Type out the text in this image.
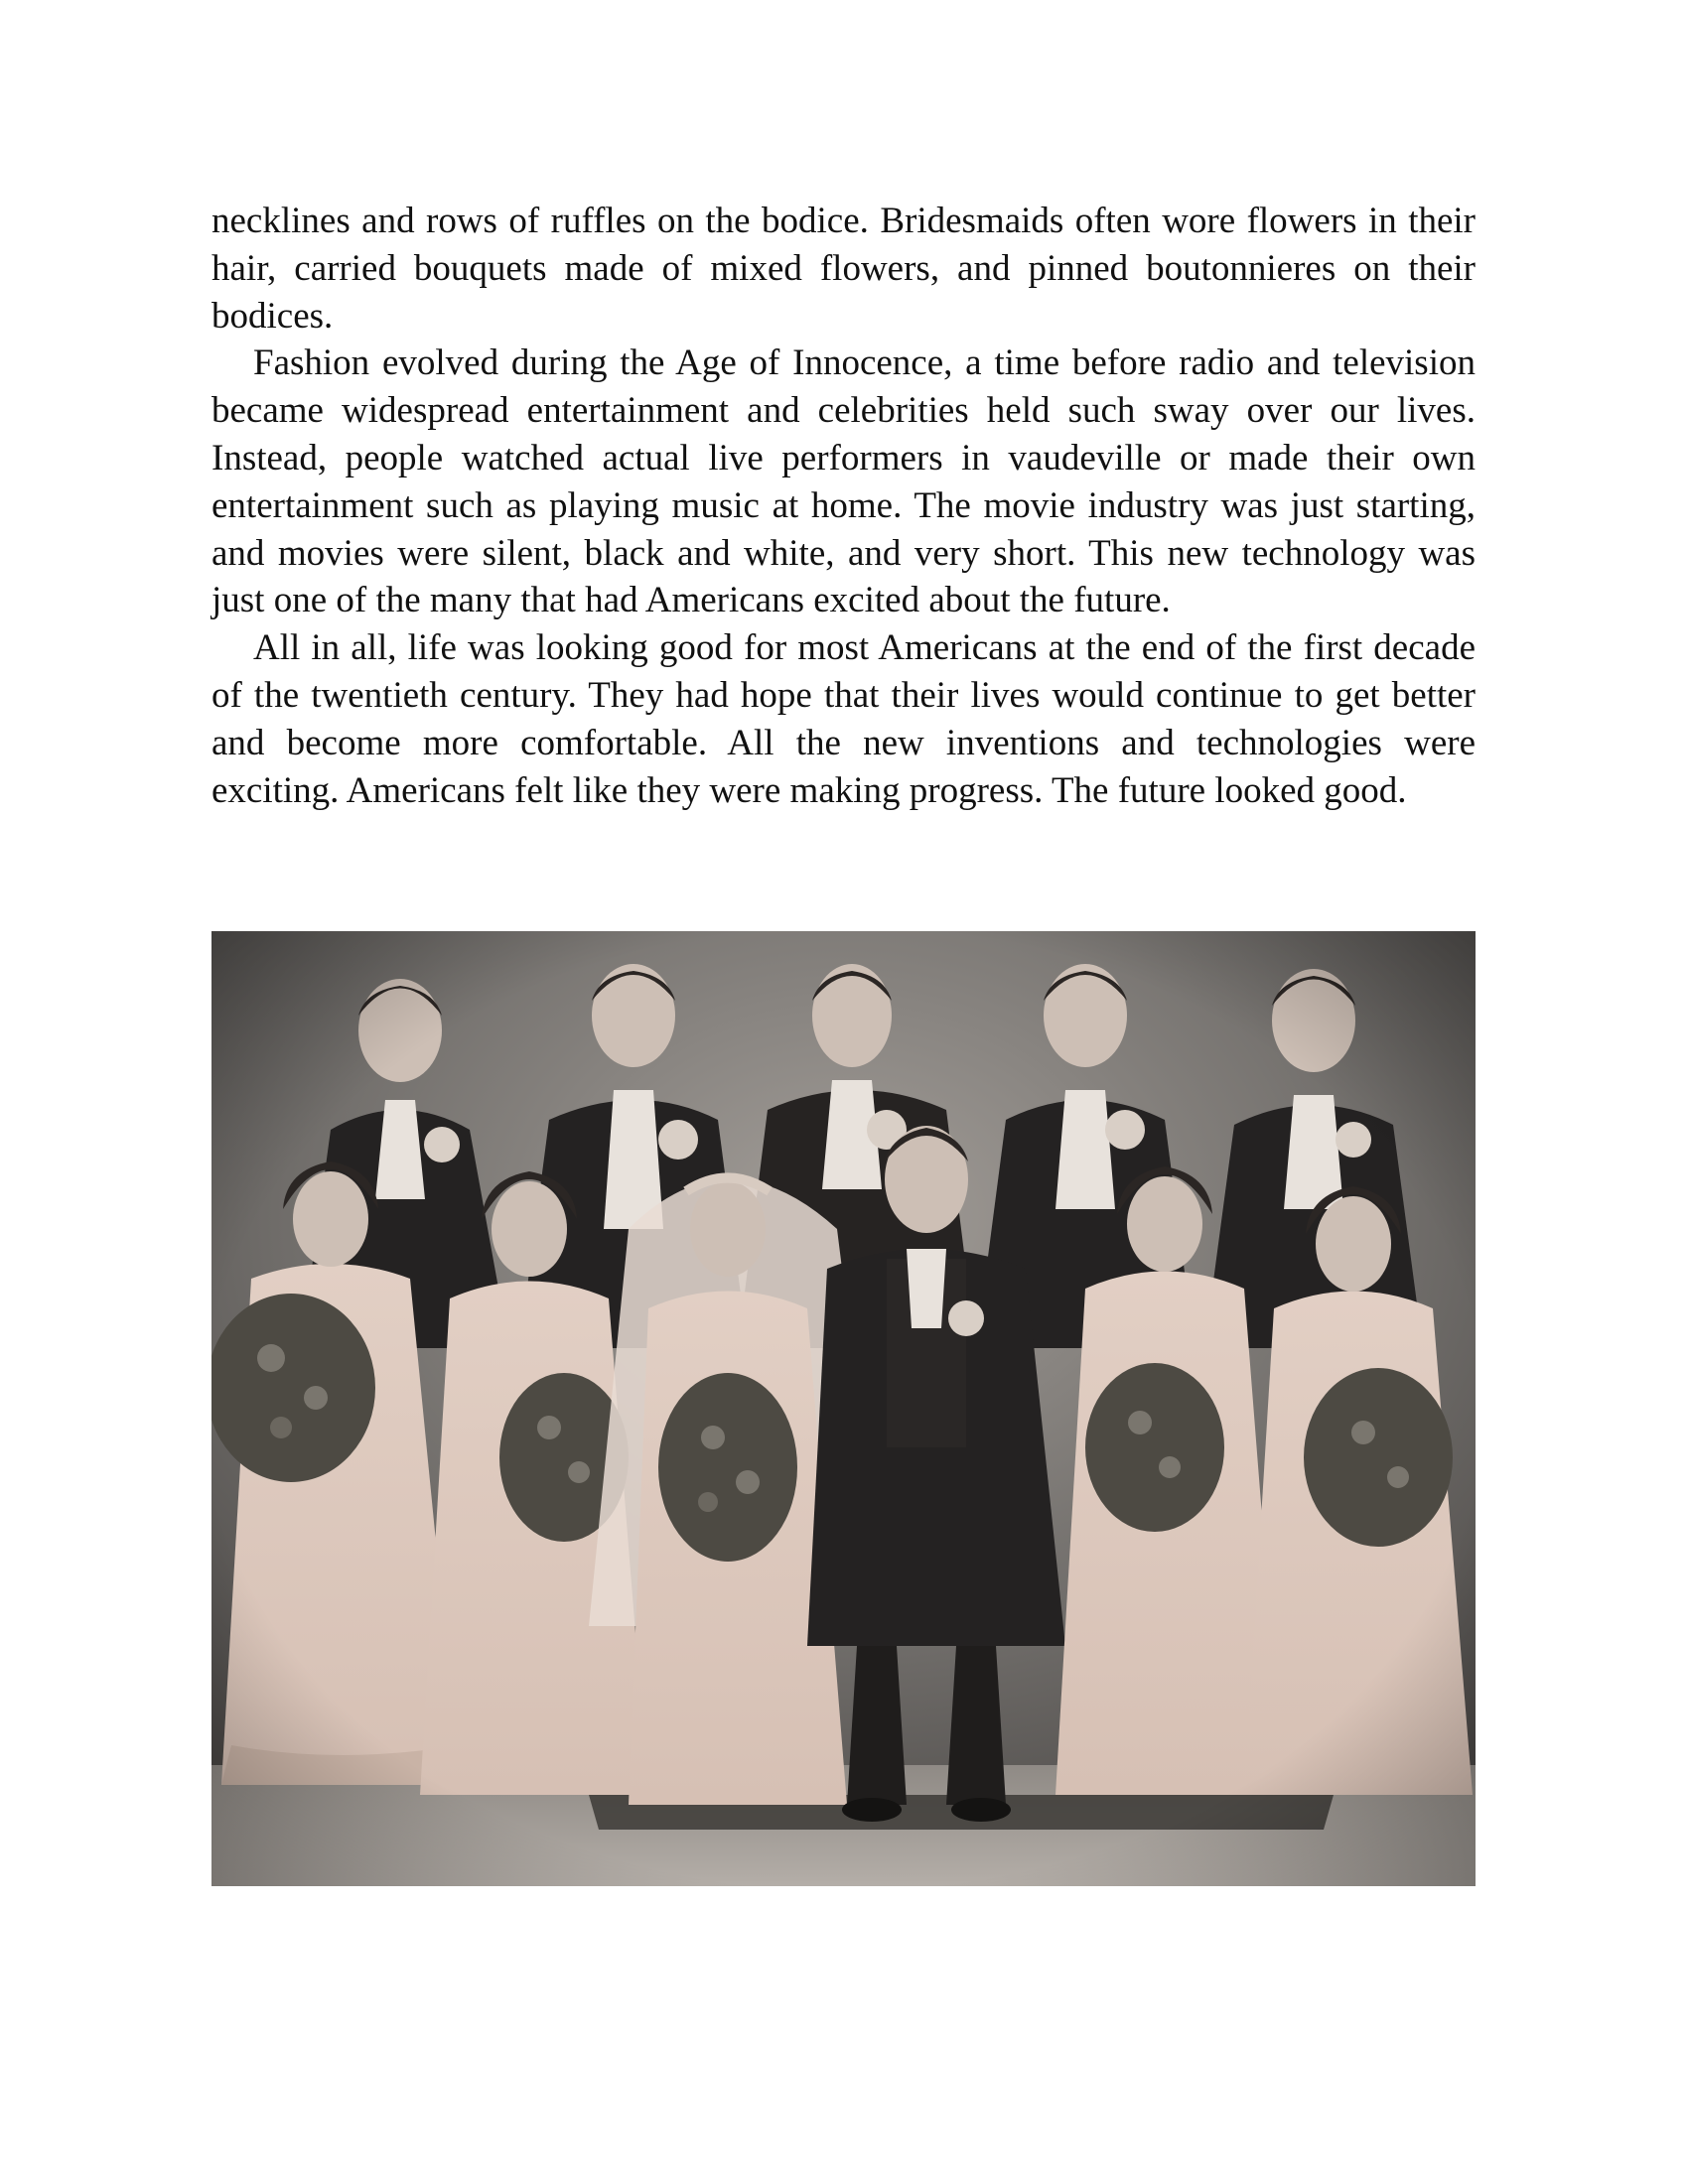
necklines and rows of ruffles on the bodice. Bridesmaids often wore flowers in their hair, carried bouquets made of mixed flowers, and pinned boutonnieres on their bodices.

Fashion evolved during the Age of Innocence, a time before radio and television became widespread entertainment and celebrities held such sway over our lives. Instead, people watched actual live performers in vaudeville or made their own entertainment such as playing music at home. The movie industry was just starting, and movies were silent, black and white, and very short. This new technology was just one of the many that had Americans excited about the future.

All in all, life was looking good for most Americans at the end of the first decade of the twentieth century. They had hope that their lives would continue to get better and become more comfortable. All the new inventions and technologies were exciting. Americans felt like they were making progress. The future looked good.
